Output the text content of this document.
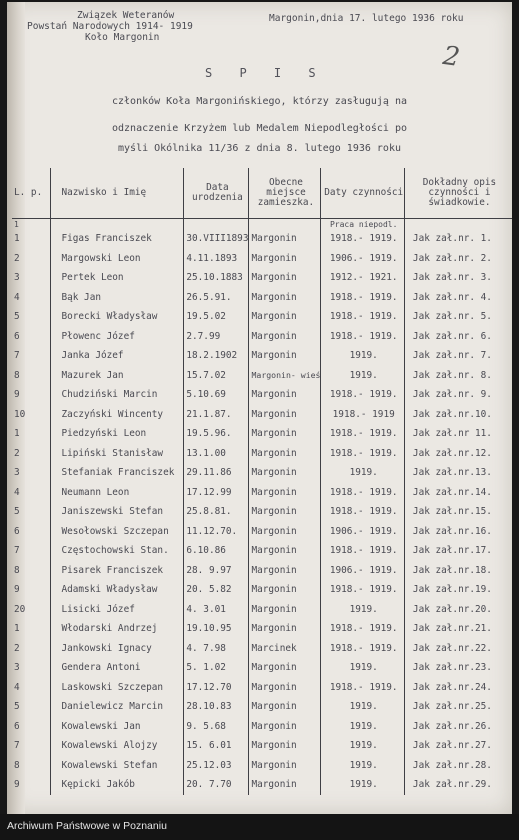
Związek Weteranów
Powstań Narodowych 1914- 1919
Koło Margonin
Margonin,dnia 17. lutego 1936 roku
2
S P I S
członków Koła Margonińskiego, którzy zasługują na
odznaczenie Krzyżem lub Medalem Niepodległości po
myśli Okólnika 11/36 z dnia 8. lutego 1936 roku
L. p.	Nazwisko i Imię	Data urodzenia	Obecne miejsce zamieszka.	Daty czynności	Dokładny opis czynności i świadkowie.
1				Praca niepodl.	
1	Figas Franciszek	30.VIII1893	Margonin	1918.- 1919.	Jak zał.nr. 1.
2	Margowski Leon	4.11.1893	Margonin	1906.- 1919.	Jak zał.nr. 2.
3	Pertek Leon	25.10.1883	Margonin	1912.- 1921.	Jak zał.nr. 3.
4	Bąk Jan	26.5.91.	Margonin	1918.- 1919.	Jak zał.nr. 4.
5	Borecki Władysław	19.5.02	Margonin	1918.- 1919.	Jak zał.nr. 5.
6	Płowenc Józef	2.7.99	Margonin	1918.- 1919.	Jak zał.nr. 6.
7	Janka Józef	18.2.1902	Margonin	1919.	Jak zał.nr. 7.
8	Mazurek Jan	15.7.02	Margonin- wieś	1919.	Jak zał.nr. 8.
9	Chudziński Marcin	5.10.69	Margonin	1918.- 1919.	Jak zał.nr. 9.
10	Zaczyński Wincenty	21.1.87.	Margonin	1918.- 1919	Jak zał.nr.10.
1	Piedzyński Leon	19.5.96.	Margonin	1918.- 1919.	Jak zał.nr 11.
2	Lipiński Stanisław	13.1.00	Margonin	1918.- 1919.	Jak zał.nr.12.
3	Stefaniak Franciszek	29.11.86	Margonin	1919.	Jak zał.nr.13.
4	Neumann Leon	17.12.99	Margonin	1918.- 1919.	Jak zał.nr.14.
5	Janiszewski Stefan	25.8.81.	Margonin	1918.- 1919.	Jak zał.nr.15.
6	Wesołowski Szczepan	11.12.70.	Margonin	1906.- 1919.	Jak zał.nr.16.
7	Częstochowski Stan.	6.10.86	Margonin	1918.- 1919.	Jak zał.nr.17.
8	Pisarek Franciszek	28. 9.97	Margonin	1906.- 1919.	Jak zał.nr.18.
9	Adamski Władysław	20. 5.82	Margonin	1918.- 1919.	Jak zał.nr.19.
20	Lisicki Józef	4. 3.01	Margonin	1919.	Jak zał.nr.20.
1	Włodarski Andrzej	19.10.95	Margonin	1918.- 1919.	Jak zał.nr.21.
2	Jankowski Ignacy	4. 7.98	Marcinek	1918.- 1919.	Jak zał.nr.22.
3	Gendera Antoni	5. 1.02	Margonin	1919.	Jak zał.nr.23.
4	Laskowski Szczepan	17.12.70	Margonin	1918.- 1919.	Jak zał.nr.24.
5	Danielewicz Marcin	28.10.83	Margonin	1919.	Jak zał.nr.25.
6	Kowalewski Jan	9. 5.68	Margonin	1919.	Jak zał.nr.26.
7	Kowalewski Alojzy	15. 6.01	Margonin	1919.	Jak zał.nr.27.
8	Kowalewski Stefan	25.12.03	Margonin	1919.	Jak zał.nr.28.
9	Kępicki Jakób	20. 7.70	Margonin	1919.	Jak zał.nr.29.
Archiwum Państwowe w Poznaniu
